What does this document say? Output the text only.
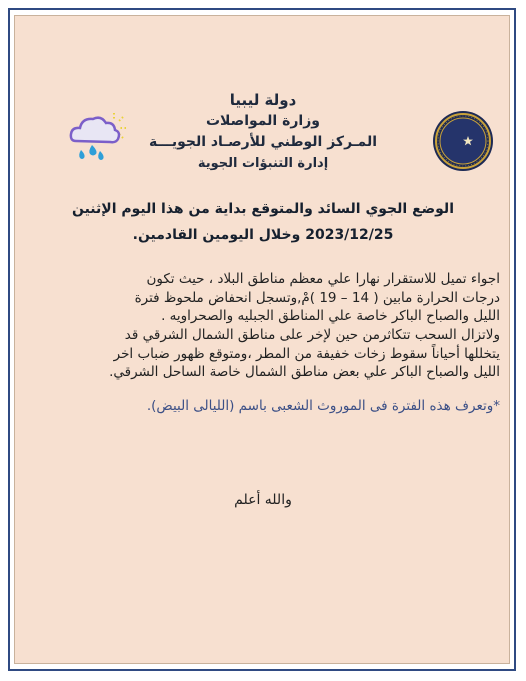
دولة ليبيا
وزارة المواصلات
المـركز الوطني للأرصـاد الجويـــة
إدارة التنبؤات الجوية
الوضع الجوي السائد والمتوقع بداية من هذا اليوم الإثنين
2023/12/25 وخلال اليومين القادمين.

اجواء تميل للاستقرار نهارا علي معظم مناطق البلاد ، حيث تكون

درجات الحرارة مابين ( 14 – 19 )مْ,وتسجل انحفاض ملحوظ فترة

الليل والصباح الباكر خاصة علي المناطق الجبليه والصحراويه .

ولاتزال السحب تتكاثرمن حين لإخر على مناطق الشمال الشرقي قد

يتخللها أحياناً سقوط زخات خفيفة من المطر ،ومتوقع ظهور ضباب اخر

الليل والصباح الباكر علي بعض مناطق الشمال خاصة الساحل الشرقي.

*وتعرف هذه الفترة فى الموروث الشعبى باسم (الليالى البيض).
والله أعلم
